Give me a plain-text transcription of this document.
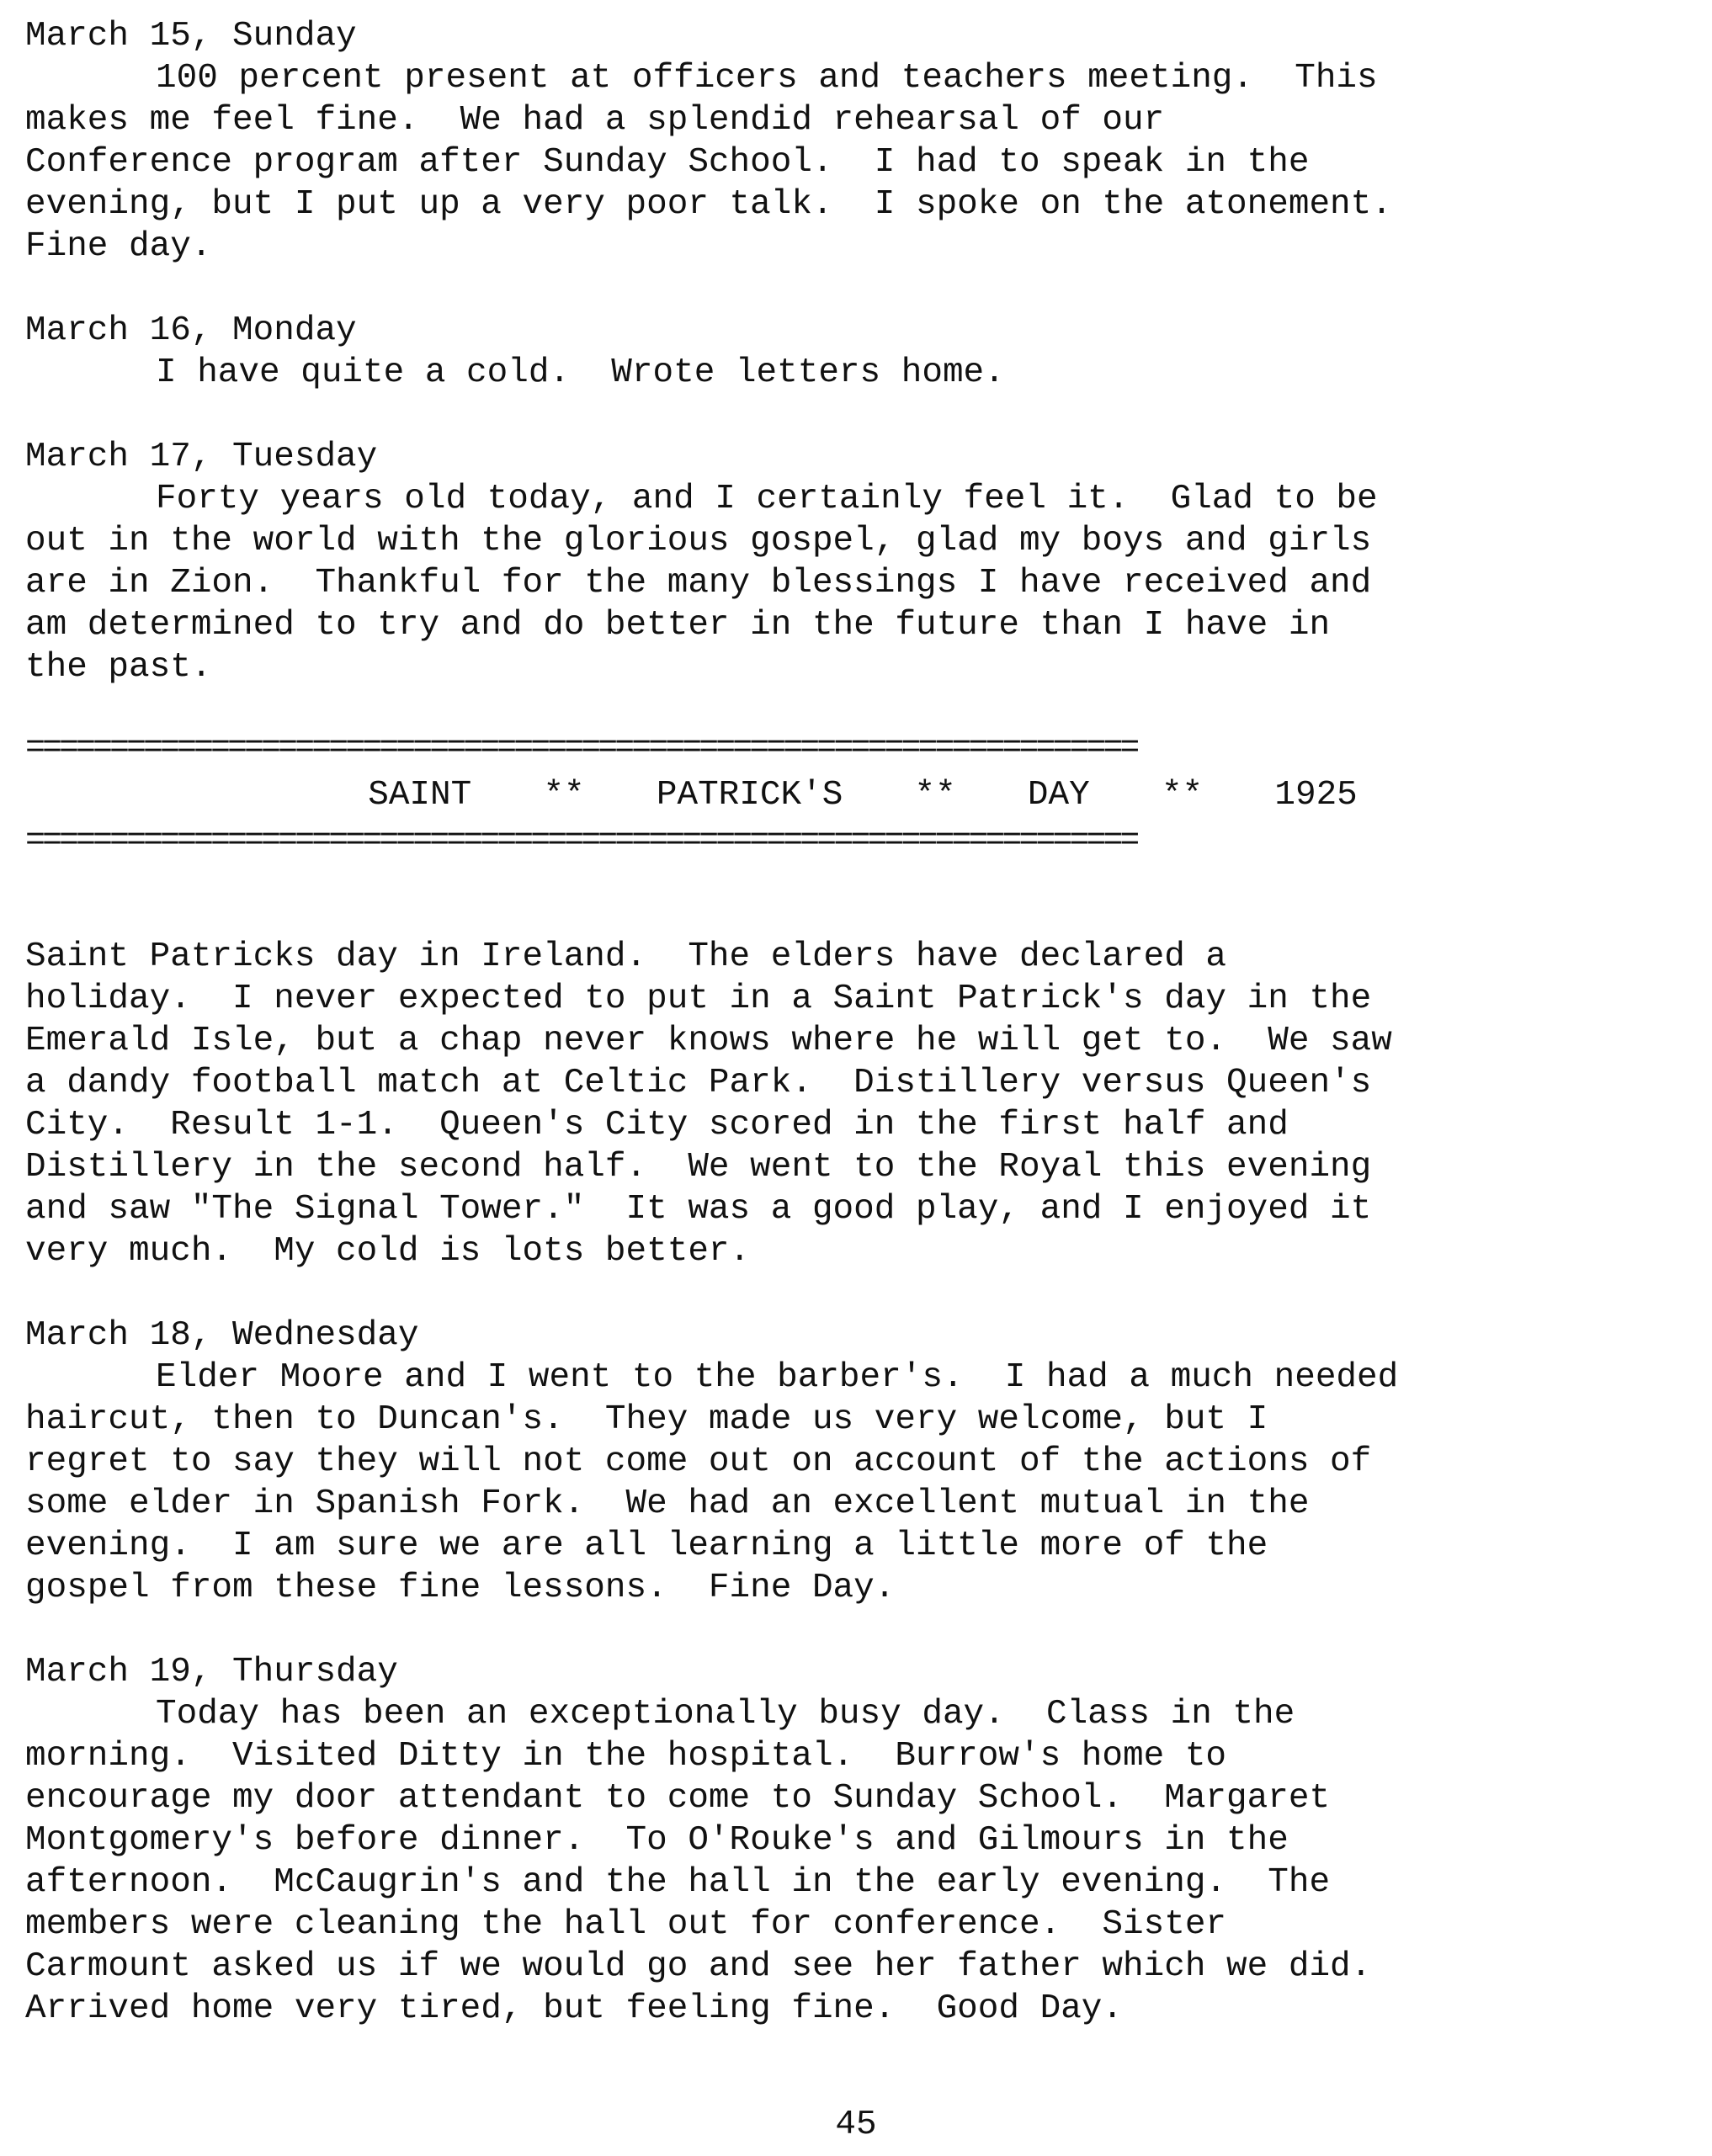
March 15, Sunday
100 percent present at officers and teachers meeting.  This
makes me feel fine.  We had a splendid rehearsal of our
Conference program after Sunday School.  I had to speak in the
evening, but I put up a very poor talk.  I spoke on the atonement.
Fine day.
March 16, Monday
I have quite a cold.  Wrote letters home.
March 17, Tuesday
Forty years old today, and I certainly feel it.  Glad to be
out in the world with the glorious gospel, glad my boys and girls
are in Zion.  Thankful for the many blessings I have received and
am determined to try and do better in the future than I have in
the past.
==================================================================
SAINT  **  PATRICK'S  **  DAY  **  1925
==================================================================
Saint Patricks day in Ireland.  The elders have declared a
holiday.  I never expected to put in a Saint Patrick's day in the
Emerald Isle, but a chap never knows where he will get to.  We saw
a dandy football match at Celtic Park.  Distillery versus Queen's
City.  Result 1-1.  Queen's City scored in the first half and
Distillery in the second half.  We went to the Royal this evening
and saw "The Signal Tower."  It was a good play, and I enjoyed it
very much.  My cold is lots better.
March 18, Wednesday
Elder Moore and I went to the barber's.  I had a much needed
haircut, then to Duncan's.  They made us very welcome, but I
regret to say they will not come out on account of the actions of
some elder in Spanish Fork.  We had an excellent mutual in the
evening.  I am sure we are all learning a little more of the
gospel from these fine lessons.  Fine Day.
March 19, Thursday
Today has been an exceptionally busy day.  Class in the
morning.  Visited Ditty in the hospital.  Burrow's home to
encourage my door attendant to come to Sunday School.  Margaret
Montgomery's before dinner.  To O'Rouke's and Gilmours in the
afternoon.  McCaugrin's and the hall in the early evening.  The
members were cleaning the hall out for conference.  Sister
Carmount asked us if we would go and see her father which we did.
Arrived home very tired, but feeling fine.  Good Day.
45
